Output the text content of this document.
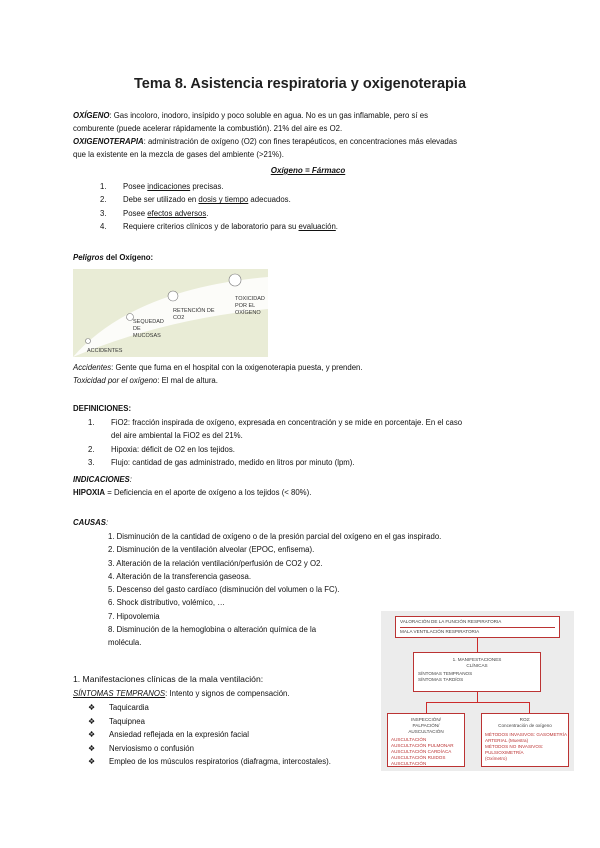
Tema 8. Asistencia respiratoria y oxigenoterapia
OXÍGENO: Gas incoloro, inodoro, insípido y poco soluble en agua. No es un gas inflamable, pero sí es
comburente (puede acelerar rápidamente la combustión). 21% del aire es O2.
OXIGENOTERAPIA: administración de oxígeno (O2) con fines terapéuticos, en concentraciones más elevadas
que la existente en la mezcla de gases del ambiente (>21%).
Oxígeno = Fármaco
1.	Posee indicaciones precisas.
2.	Debe ser utilizado en dosis y tiempo adecuados.
3.	Posee efectos adversos.
4.	Requiere criterios clínicos y de laboratorio para su evaluación.
Peligros del Oxígeno:
ACCIDENTES
SEQUEDAD
DE
MUCOSAS
RETENCIÓN DE
CO2
TOXICIDAD
POR EL
OXÍGENO
Accidentes: Gente que fuma en el hospital con la oxigenoterapia puesta, y prenden.
Toxicidad por el oxígeno: El mal de altura.
DEFINICIONES:
1.	FiO2: fracción inspirada de oxígeno, expresada en concentración y se mide en porcentaje. En el caso
del aire ambiental la FiO2 es del 21%.
2.	Hipoxia: déficit de O2 en los tejidos.
3.	Flujo: cantidad de gas administrado, medido en litros por minuto (lpm).
INDICACIONES:
HIPOXIA = Deficiencia en el aporte de oxígeno a los tejidos (< 80%).
CAUSAS:
1. Disminución de la cantidad de oxígeno o de la presión parcial del oxígeno en el gas inspirado.
2. Disminución de la ventilación alveolar (EPOC, enfisema).
3. Alteración de la relación ventilación/perfusión de CO2 y O2.
4. Alteración de la transferencia gaseosa.
5. Descenso del gasto cardíaco (disminución del volumen o la FC).
6. Shock distributivo, volémico, …
7. Hipovolemia
8. Disminución de la hemoglobina o alteración química de la
molécula.
1. Manifestaciones clínicas de la mala ventilación:
SÍNTOMAS TEMPRANOS: Intento y signos de compensación.
❖	Taquicardia
❖	Taquipnea
❖	Ansiedad reflejada en la expresión facial
❖	Nerviosismo o confusión
❖	Empleo de los músculos respiratorios (diafragma, intercostales).
VALORACIÓN DE LA FUNCIÓN RESPIRATORIA
MALA VENTILACIÓN RESPIRATORIA
1. MANIFESTACIONES
CLÍNICAS
SÍNTOMAS TEMPRANOS
SÍNTOMAS TARDÍOS
INSPECCIÓN/
PALPACIÓN/
AUSCULTACIÓN
AUSCULTACIÓN
AUSCULTACIÓN PULMONAR
AUSCULTACIÓN CARDÍACA
AUSCULTACIÓN RUIDOS
AUSCULTACIÓN
RO2:
Concentración de oxígeno
MÉTODOS INVASIVOS: GASOMETRÍA
ARTERIAL (Muestra)
MÉTODOS NO INVASIVOS: PULSIOXIMETRÍA
(Oxímetro)
